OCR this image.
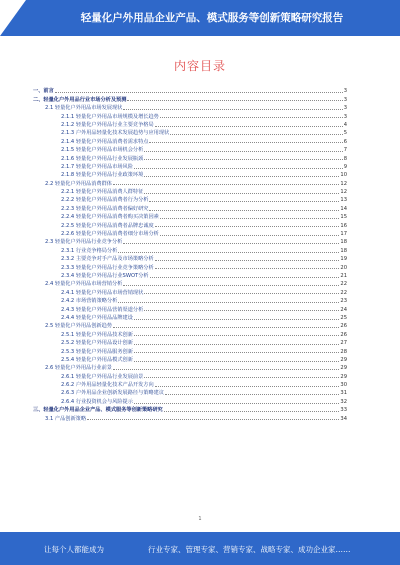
轻量化户外用品企业产品、模式服务等创新策略研究报告
内容目录
一、前言	3
二、轻量化户外用品行业市场分析及预测	3
2.1 轻量化户外用品市场发展现状	3
2.1.1 轻量化户外用品市场规模及增长趋势	3
2.1.2 轻量化户外用品行业主要竞争格局	4
2.1.3 户外用品轻量化技术发展趋势与应用现状	5
2.1.4 轻量化户外用品消费者需求特点	6
2.1.5 轻量化户外用品市场机会分析	7
2.1.6 轻量化户外用品行业发展瓶颈	8
2.1.7 轻量化户外用品市场风险	9
2.1.8 轻量化户外用品行业政策环境	10
2.2 轻量化户外用品消费群体	12
2.2.1 轻量化户外用品消费人群特征	12
2.2.2 轻量化户外用品消费者行为分析	13
2.2.3 轻量化户外用品消费者偏好研究	14
2.2.4 轻量化户外用品消费者购买决策因素	15
2.2.5 轻量化户外用品消费者品牌忠诚度	16
2.2.6 轻量化户外用品消费者细分市场分析	17
2.3 轻量化户外用品行业竞争分析	18
2.3.1 行业竞争格局分析	18
2.3.2 主要竞争对手产品及市场策略分析	19
2.3.3 轻量化户外用品行业竞争策略分析	20
2.3.4 轻量化户外用品行业SWOT分析	21
2.4 轻量化户外用品市场营销分析	22
2.4.1 轻量化户外用品市场营销现状	22
2.4.2 市场营销策略分析	23
2.4.3 轻量化户外用品营销渠道分析	24
2.4.4 轻量化户外用品品牌建设	25
2.5 轻量化户外用品创新趋势	26
2.5.1 轻量化户外用品技术创新	26
2.5.2 轻量化户外用品设计创新	27
2.5.3 轻量化户外用品服务创新	28
2.5.4 轻量化户外用品模式创新	29
2.6 轻量化户外用品行业前景	29
2.6.1 轻量化户外用品行业发展前景	29
2.6.2 户外用品轻量化技术产品开发方向	30
2.6.3 户外用品企业创新发展路径与策略建议	31
2.6.4 行业投资机会与风险提示	32
三、轻量化户外用品企业产品、模式服务等创新策略研究	33
3.1 产品创新策略	34
1
让每个人都能成为	行业专家、管理专家、营销专家、战略专家、成功企业家……
